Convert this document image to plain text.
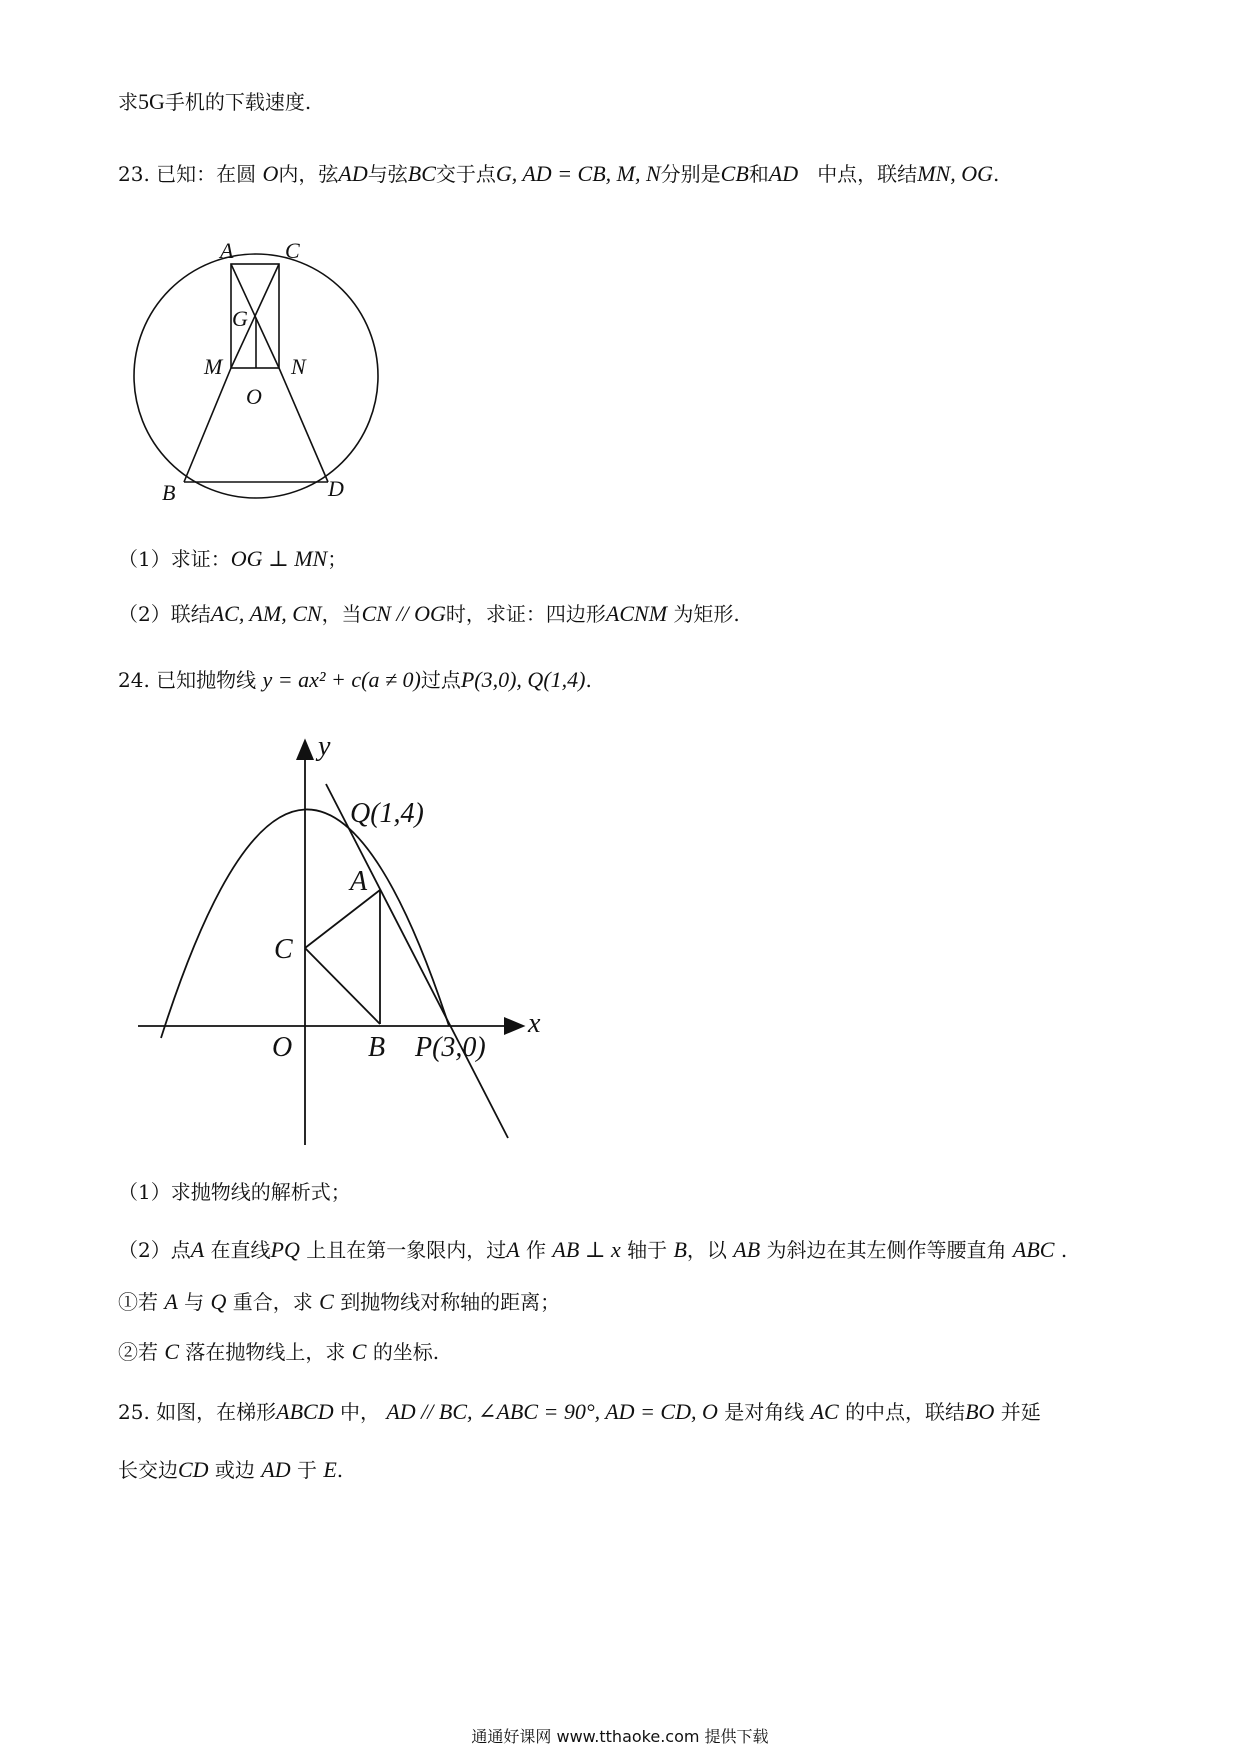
求5G手机的下载速度.
23. 已知：在圆 O内，弦AD与弦BC交于点G, AD = CB, M, N分别是CB和AD 中点，联结MN, OG.
A C
G
M	N
O
B	D
（1）求证：OG ⊥ MN；
（2）联结AC, AM, CN，当CN // OG时，求证：四边形ACNM 为矩形.
24. 已知抛物线 y = ax² + c(a ≠ 0)过点P(3,0), Q(1,4).
y
x
Q(1,4)
A
C
O	B P(3,0)
（1）求抛物线的解析式；
（2）点A 在直线PQ 上且在第一象限内，过A 作 AB ⊥ x 轴于 B，以 AB 为斜边在其左侧作等腰直角 ABC .
①若 A 与 Q 重合，求 C 到抛物线对称轴的距离；
②若 C 落在抛物线上，求 C 的坐标.
25. 如图，在梯形ABCD 中， AD // BC, ∠ABC = 90°, AD = CD, O 是对角线 AC 的中点，联结BO 并延
长交边CD 或边 AD 于 E.
通通好课网 www.tthaoke.com 提供下载
